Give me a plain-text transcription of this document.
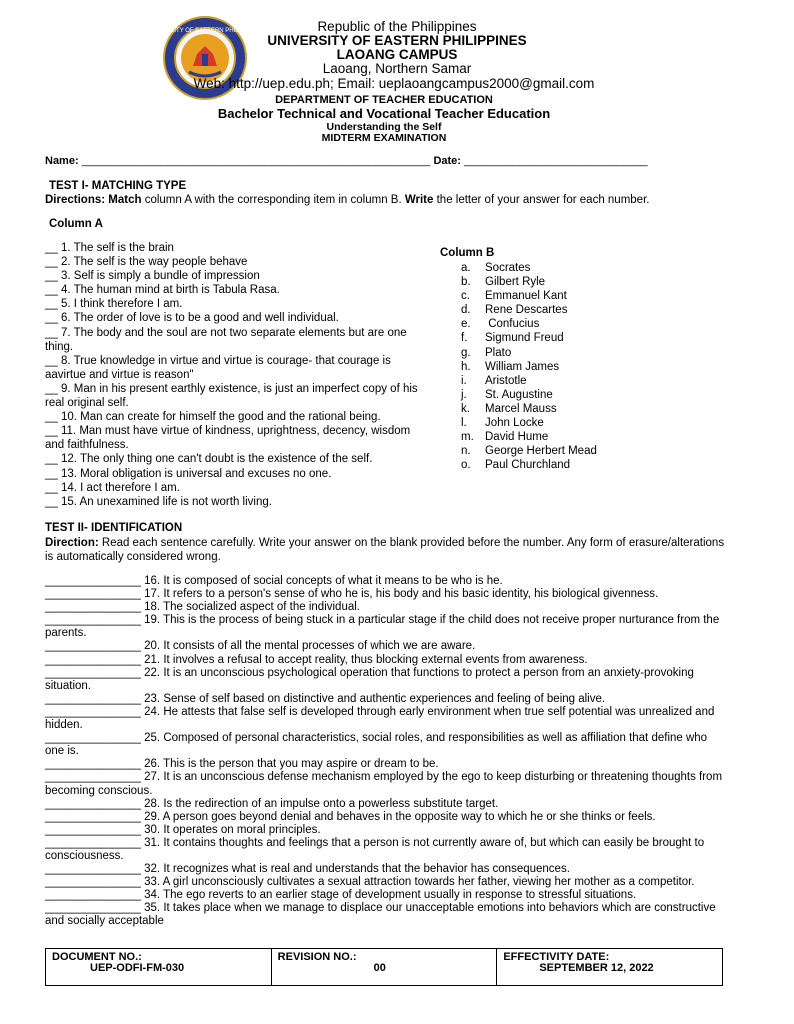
UNIVERSITY OF EASTERN PHILIPPINES	Republic of the Philippines
UNIVERSITY OF EASTERN PHILIPPINES
LAOANG CAMPUS
Laoang, Northern Samar
Web: http://uep.edu.ph; Email: ueplaoangcampus2000@gmail.com
DEPARTMENT OF TEACHER EDUCATION
Bachelor Technical and Vocational Teacher Education
Understanding the Self
MIDTERM EXAMINATION
Name: _________________________________________________________ Date: ______________________________
TEST I- MATCHING TYPE
Directions: Match column A with the corresponding item in column B. Write the letter of your answer for each number.
Column A
__ 1. The self is the brain
__ 2. The self is the way people behave
__ 3. Self is simply a bundle of impression
__ 4. The human mind at birth is Tabula Rasa.
__ 5. I think therefore I am.
__ 6. The order of love is to be a good and well individual.
__ 7. The body and the soul are not two separate elements but are one thing.
__ 8. True knowledge in virtue and virtue is courage- that courage is aavirtue and virtue is reason"
__ 9. Man in his present earthly existence, is just an imperfect copy of his real original self.
__ 10. Man can create for himself the good and the rational being.
__ 11. Man must have virtue of kindness, uprightness, decency, wisdom and faithfulness.
__ 12. The only thing one can't doubt is the existence of the self.
__ 13. Moral obligation is universal and excuses no one.
__ 14. I act therefore I am.
__ 15. An unexamined life is not worth living.
Column B
a.	Socrates
b.	Gilbert Ryle
c.	Emmanuel Kant
d.	Rene Descartes
e.	Confucius
f.	Sigmund Freud
g.	Plato
h.	William James
i.	Aristotle
j.	St. Augustine
k.	Marcel Mauss
l.	John Locke
m. David Hume
n.	George Herbert Mead
o.	Paul Churchland
TEST II- IDENTIFICATION
Direction: Read each sentence carefully. Write your answer on the blank provided before the number. Any form of erasure/alterations is automatically considered wrong.
_______________ 16. It is composed of social concepts of what it means to be who is he.
_______________ 17. It refers to a person's sense of who he is, his body and his basic identity, his biological givenness.
_______________ 18. The socialized aspect of the individual.
_______________ 19. This is the process of being stuck in a particular stage if the child does not receive proper nurturance from the parents.
_______________ 20. It consists of all the mental processes of which we are aware.
_______________ 21. It involves a refusal to accept reality, thus blocking external events from awareness.
_______________ 22. It is an unconscious psychological operation that functions to protect a person from an anxiety-provoking situation.
_______________ 23. Sense of self based on distinctive and authentic experiences and feeling of being alive.
_______________ 24. He attests that false self is developed through early environment when true self potential was unrealized and hidden.
_______________ 25. Composed of personal characteristics, social roles, and responsibilities as well as affiliation that define who one is.
_______________ 26. This is the person that you may aspire or dream to be.
_______________ 27. It is an unconscious defense mechanism employed by the ego to keep disturbing or threatening thoughts from becoming conscious.
_______________ 28. Is the redirection of an impulse onto a powerless substitute target.
_______________ 29. A person goes beyond denial and behaves in the opposite way to which he or she thinks or feels.
_______________ 30. It operates on moral principles.
_______________ 31. It contains thoughts and feelings that a person is not currently aware of, but which can easily be brought to consciousness.
_______________ 32. It recognizes what is real and understands that the behavior has consequences.
_______________ 33. A girl unconsciously cultivates a sexual attraction towards her father, viewing her mother as a competitor.
_______________ 34. The ego reverts to an earlier stage of development usually in response to stressful situations.
_______________ 35. It takes place when we manage to displace our unacceptable emotions into behaviors which are constructive and socially acceptable
DOCUMENT NO.:
UEP-ODFI-FM-030
REVISION NO.:
00
EFFECTIVITY DATE:
SEPTEMBER 12, 2022
